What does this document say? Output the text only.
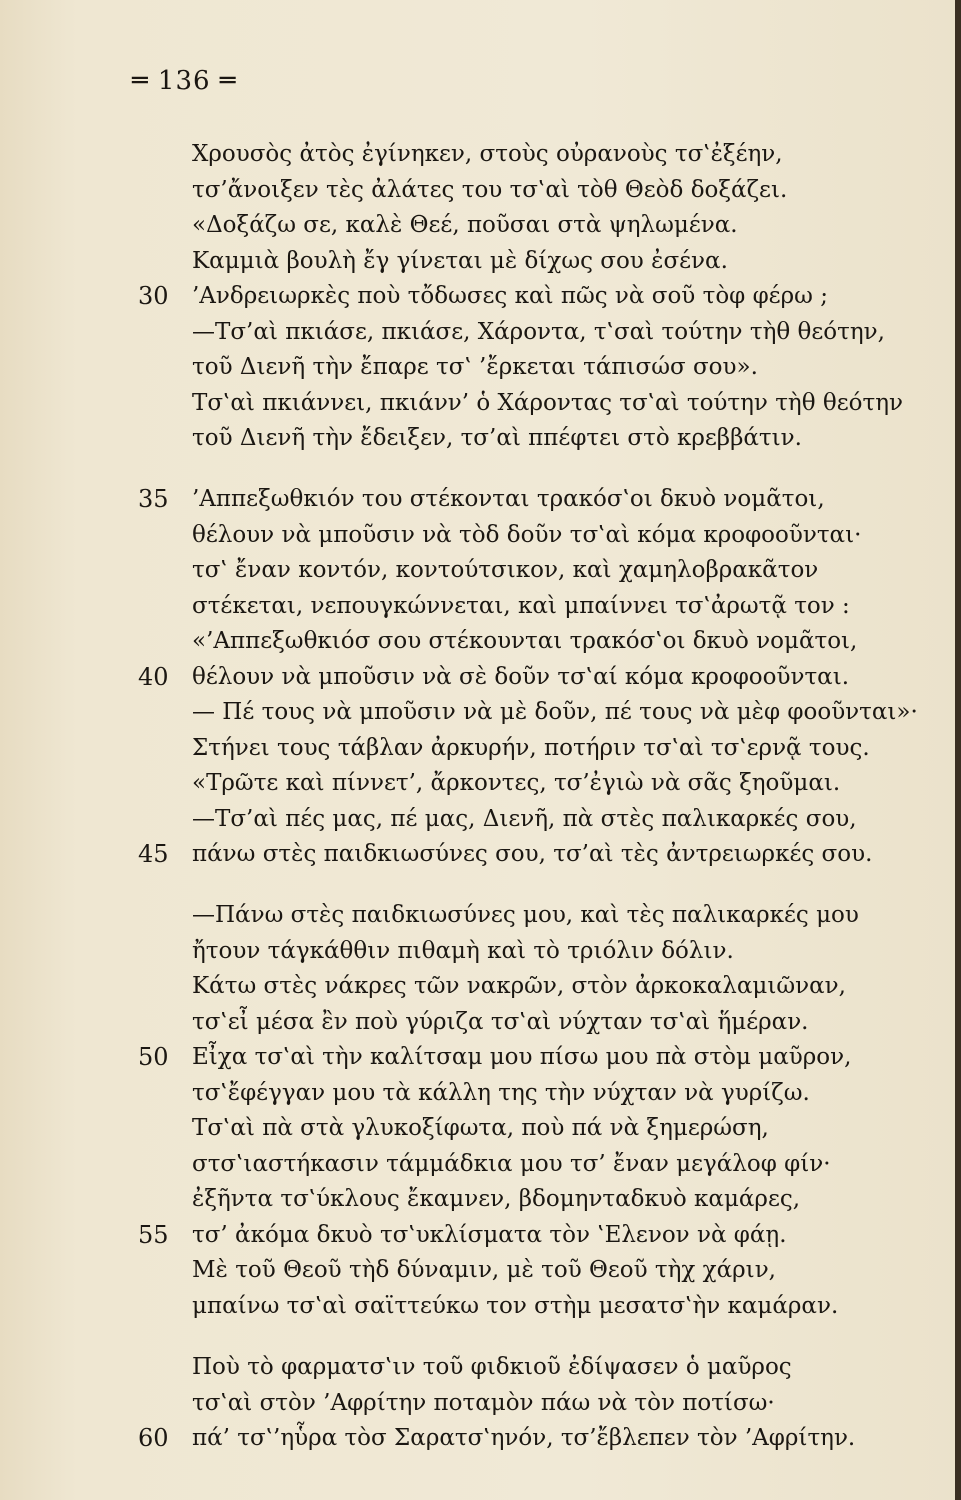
═ 136 ═
Χρουσὸς ἀτὸς ἐγίνηκεν, στοὺς οὐρανοὺς τσ‛ἐξέην,
τσ’ἄνοιξεν τὲς ἀλάτες του τσ‛αὶ τὸθ Θεὸδ δοξάζει.
«Δοξάζω σε, καλὲ Θεέ, ποῦσαι στὰ ψηλωμένα.
Καμμιὰ βουλὴ ἔγ γίνεται μὲ δίχως σου ἐσένα.
30 ’Ανδρειωρκὲς ποὺ τὄδωσες καὶ πῶς νὰ σοῦ τὸφ φέρω ;
—Τσ’αὶ πκιάσε, πκιάσε, Χάροντα, τ‛σαὶ τούτην τὴθ θεότην,
τοῦ Διενῆ τὴν ἔπαρε τσ‛ ’ἔρκεται τάπισώσ σου».
Τσ‛αὶ πκιάννει, πκιάνν’ ὁ Χάροντας τσ‛αὶ τούτην τὴθ θεότην
τοῦ Διενῆ τὴν ἔδειξεν, τσ’αὶ ππέφτει στὸ κρεββάτιν.
35 ’Αππεξωθκιόν του στέκονται τρακόσ‛οι δκυὸ νομᾶτοι,
θέλουν νὰ μποῦσιν νὰ τὸδ δοῦν τσ‛αὶ κόμα κροφοοῦνται·
τσ‛ ἔναν κοντόν, κοντούτσικον, καὶ χαμηλοβρακᾶτον
στέκεται, νεπουγκώννεται, καὶ μπαίννει τσ‛ἀρωτᾷ τον :
«’Αππεξωθκιόσ σου στέκουνται τρακόσ‛οι δκυὸ νομᾶτοι,
40 θέλουν νὰ μποῦσιν νὰ σὲ δοῦν τσ‛αί κόμα κροφοοῦνται.
— Πέ τους νὰ μποῦσιν νὰ μὲ δοῦν, πέ τους νὰ μὲφ φοοῦνται»·
Στήνει τους τάβλαν ἀρκυρήν, ποτήριν τσ‛αὶ τσ‛ερνᾷ τους.
«Τρῶτε καὶ πίννετ’, ἄρκοντες, τσ’ἐγιὼ νὰ σᾶς ξηοῦμαι.
—Τσ’αὶ πές μας, πέ μας, Διενῆ, πὰ στὲς παλικαρκές σου,
45 πάνω στὲς παιδκιωσύνες σου, τσ’αὶ τὲς ἀντρειωρκές σου.
—Πάνω στὲς παιδκιωσύνες μου, καὶ τὲς παλικαρκές μου
ἤτουν τάγκάθθιν πιθαμὴ καὶ τὸ τριόλιν δόλιν.
Κάτω στὲς νάκρες τῶν νακρῶν, στὸν ἀρκοκαλαμιῶναν,
τσ‛εἶ μέσα ἒν ποὺ γύριζα τσ‛αὶ νύχταν τσ‛αὶ ἥμέραν.
50 Εἶχα τσ‛αὶ τὴν καλίτσαμ μου πίσω μου πὰ στὸμ μαῦρον,
τσ‛ἔφέγγαν μου τὰ κάλλη της τὴν νύχταν νὰ γυρίζω.
Τσ‛αὶ πὰ στὰ γλυκοξίφωτα, ποὺ πά νὰ ξημερώση,
στσ‛ιαστήκασιν τάμμάδκια μου τσ’ ἔναν μεγάλοφ φίν·
ἐξῆντα τσ‛ύκλους ἔκαμνεν, βδομηνταδκυὸ καμάρες,
55 τσ’ ἀκόμα δκυὸ τσ‛υκλίσματα τὸν ‛Ελενον νὰ φάῃ.
Μὲ τοῦ Θεοῦ τὴδ δύναμιν, μὲ τοῦ Θεοῦ τὴχ χάριν,
μπαίνω τσ‛αὶ σαϊττεύκω τον στὴμ μεσατσ‛ὴν καμάραν.
Ποὺ τὸ φαρματσ‛ιν τοῦ φιδκιοῦ ἐδίψασεν ὁ μαῦρος
τσ‛αὶ στὸν ’Αφρίτην ποταμὸν πάω νὰ τὸν ποτίσω·
60 πά’ τσ‛’ηὗρα τὸσ Σαρατσ‛ηνόν, τσ’ἔβλεπεν τὸν ’Αφρίτην.
